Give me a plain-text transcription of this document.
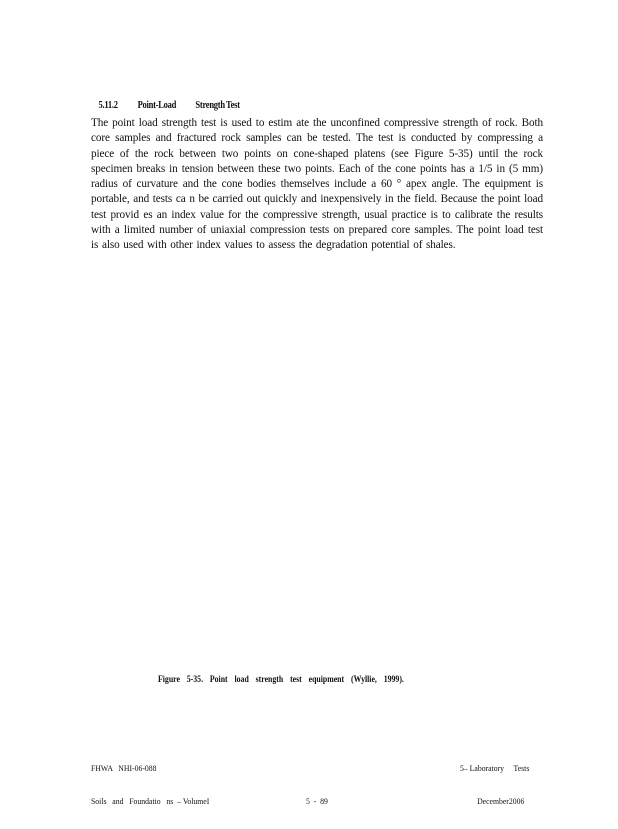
5.11.2 Point-Load StrengthTest

The point load strength test is used to estim ate the unconfined compressive strength of rock. Both core samples and fractured rock samples can be tested. The test is conducted by compressing a piece of the rock between two points on cone-shaped platens (see Figure 5-35) until the rock specimen breaks in tension between these two points. Each of the cone points has a 1/5 in (5 mm) radius of curvature and the cone bodies themselves include a 60 ° apex angle. The equipment is portable, and tests ca n be carried out quickly and inexpensively in the field. Because the point load test provid es an index value for the compressive strength, usual practice is to calibrate the results with a limited number of uniaxial compression tests on prepared core samples. The point load test is also used with other index values to assess the degradation potential of shales.
Figure 5-35. Point load strength test equipment (Wyllie, 1999).

FHWA   NHI-06-088

Soils   and   Foundatio   ns  – VolumeI

	5  -  89

5– Laboratory     Tests

December2006
